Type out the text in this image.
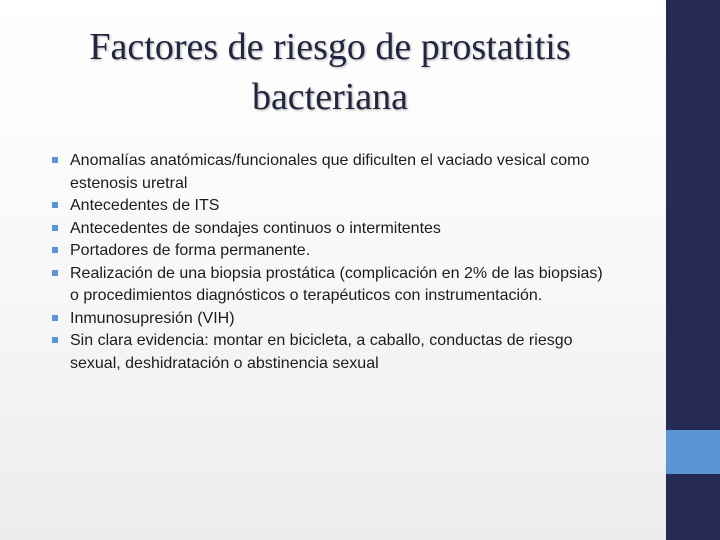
Factores de riesgo de prostatitis
bacteriana
Anomalías anatómicas/funcionales que dificulten el vaciado vesical como estenosis uretral
Antecedentes de ITS
Antecedentes de sondajes continuos o intermitentes
Portadores de forma permanente.
Realización de una biopsia prostática (complicación en 2% de las biopsias) o procedimientos diagnósticos o terapéuticos con instrumentación.
Inmunosupresión (VIH)
Sin clara evidencia: montar en bicicleta, a caballo, conductas de riesgo sexual, deshidratación o abstinencia sexual
